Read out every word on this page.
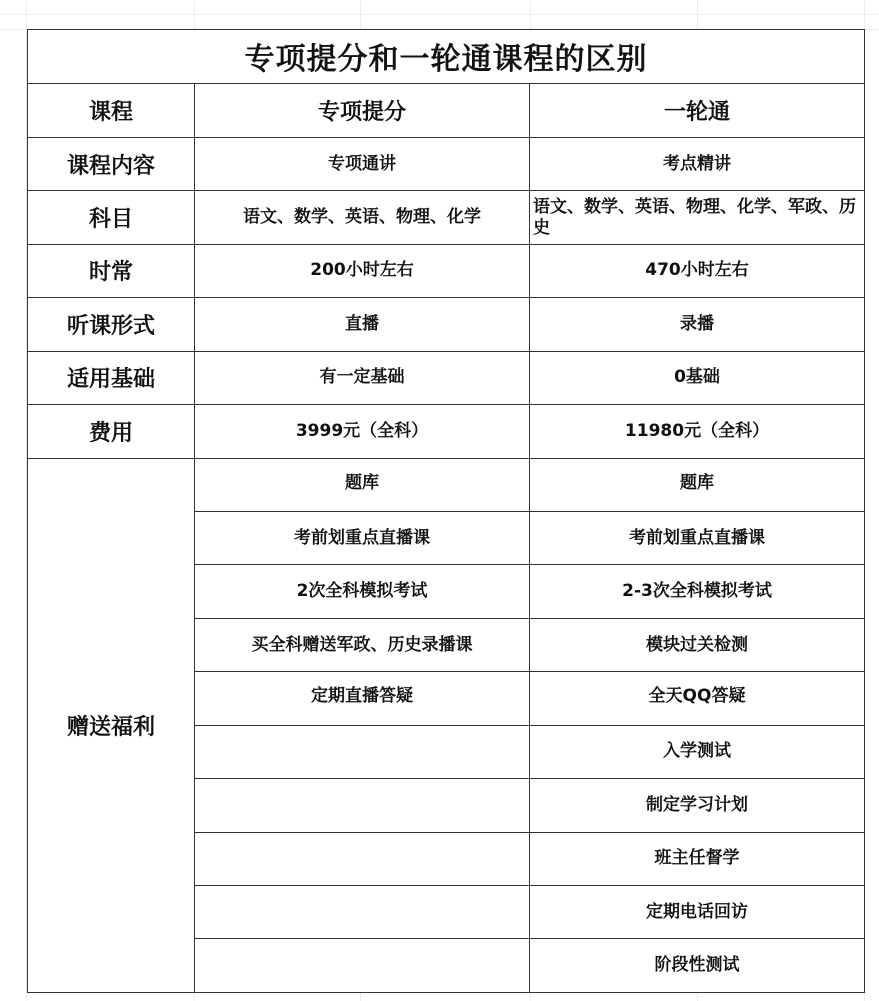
专项提分和一轮通课程的区别		
课程	专项提分	一轮通
课程内容	专项通讲	考点精讲
科目	语文、数学、英语、物理、化学	语文、数学、英语、物理、化学、军政、历史
时常	200小时左右	470小时左右
听课形式	直播	录播
适用基础	有一定基础	0基础
费用	3999元（全科）	11980元（全科）
赠送福利	题库	题库
	考前划重点直播课	考前划重点直播课
	2次全科模拟考试	2-3次全科模拟考试
	买全科赠送军政、历史录播课	模块过关检测
	定期直播答疑	全天QQ答疑
		入学测试
		制定学习计划
		班主任督学
		定期电话回访
		阶段性测试
